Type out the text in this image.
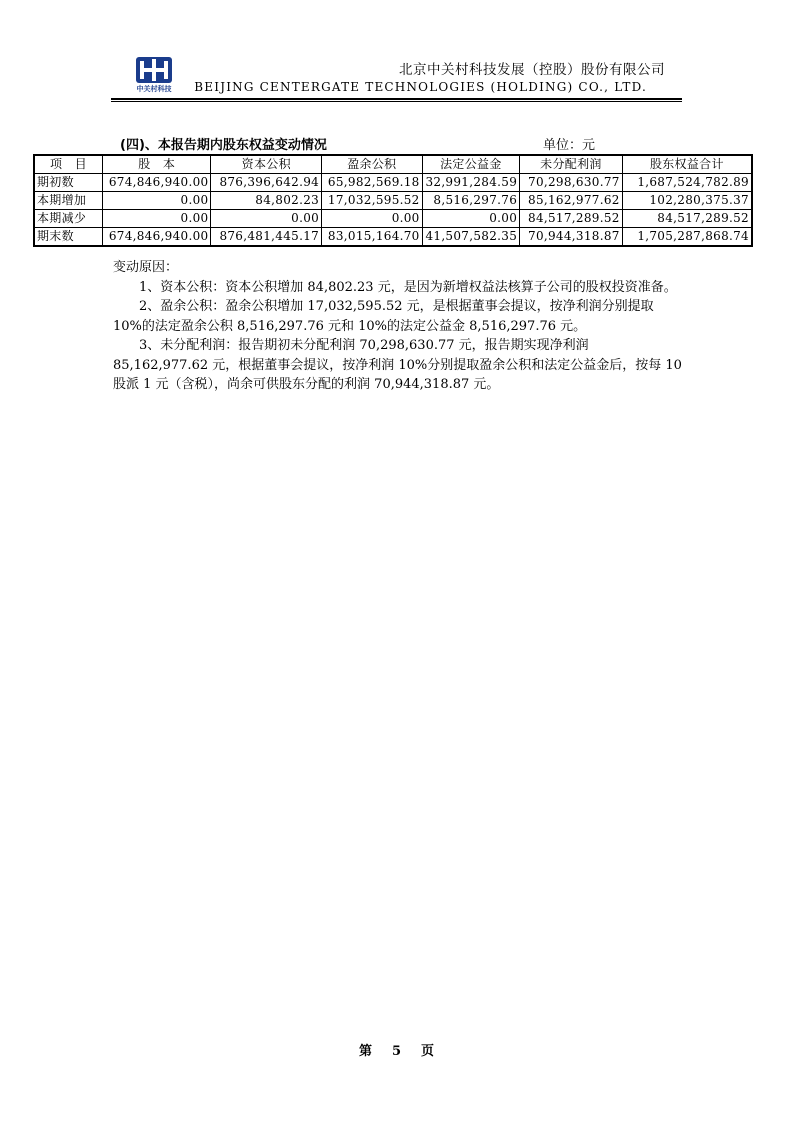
中关村科技
北京中关村科技发展（控股）股份有限公司
BEIJING CENTERGATE TECHNOLOGIES (HOLDING) CO., LTD.
(四)、本报告期内股东权益变动情况	单位：元
项　目	股　本	资本公积	盈余公积	法定公益金	未分配利润	股东权益合计
期初数	674,846,940.00	876,396,642.94	65,982,569.18	32,991,284.59	70,298,630.77	1,687,524,782.89
本期增加	0.00	84,802.23	17,032,595.52	8,516,297.76	85,162,977.62	102,280,375.37
本期减少	0.00	0.00	0.00	0.00	84,517,289.52	84,517,289.52
期末数	674,846,940.00	876,481,445.17	83,015,164.70	41,507,582.35	70,944,318.87	1,705,287,868.74

变动原因：

1、资本公积：资本公积增加 84,802.23 元，是因为新增权益法核算子公司的股权投资准备。

2、盈余公积：盈余公积增加 17,032,595.52 元，是根据董事会提议，按净利润分别提取 10%的法定盈余公积 8,516,297.76 元和 10%的法定公益金 8,516,297.76 元。

3、未分配利润：报告期初未分配利润 70,298,630.77 元，报告期实现净利润 85,162,977.62 元，根据董事会提议，按净利润 10%分别提取盈余公积和法定公益金后，按每 10 股派 1 元（含税），尚余可供股东分配的利润 70,944,318.87 元。

第 5 页
